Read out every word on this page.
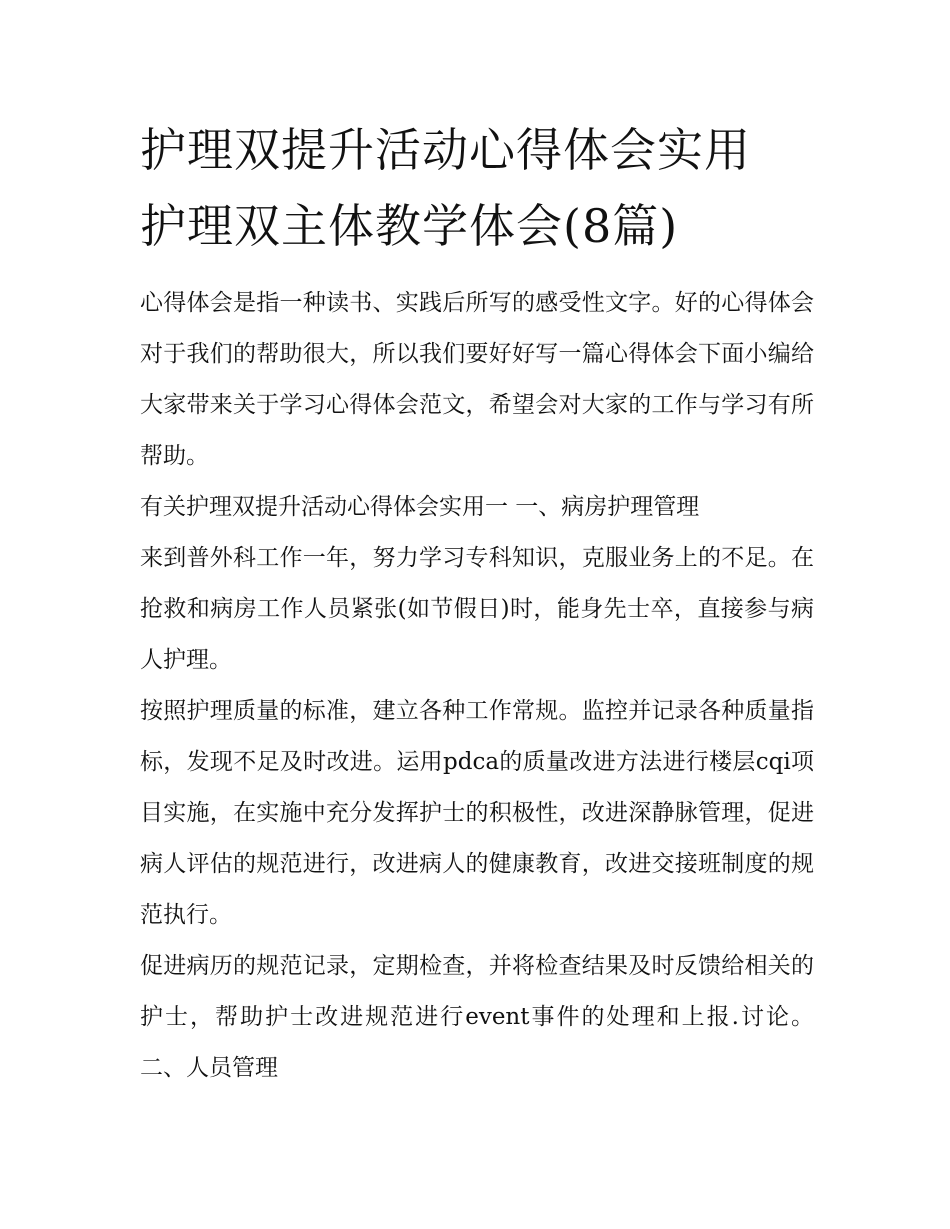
护理双提升活动心得体会实用
护理双主体教学体会(8篇)

心得体会是指一种读书、实践后所写的感受性文字。好的心得体会对于我们的帮助很大，所以我们要好好写一篇心得体会下面小编给大家带来关于学习心得体会范文，希望会对大家的工作与学习有所帮助。

有关护理双提升活动心得体会实用一 一、病房护理管理

来到普外科工作一年，努力学习专科知识，克服业务上的不足。在抢救和病房工作人员紧张(如节假日)时，能身先士卒，直接参与病人护理。

按照护理质量的标准，建立各种工作常规。监控并记录各种质量指标，发现不足及时改进。运用pdca的质量改进方法进行楼层cqi项目实施，在实施中充分发挥护士的积极性，改进深静脉管理，促进病人评估的规范进行，改进病人的健康教育，改进交接班制度的规范执行。

促进病历的规范记录，定期检查，并将检查结果及时反馈给相关的护士，帮助护士改进规范进行event事件的处理和上报.讨论。 二、人员管理
